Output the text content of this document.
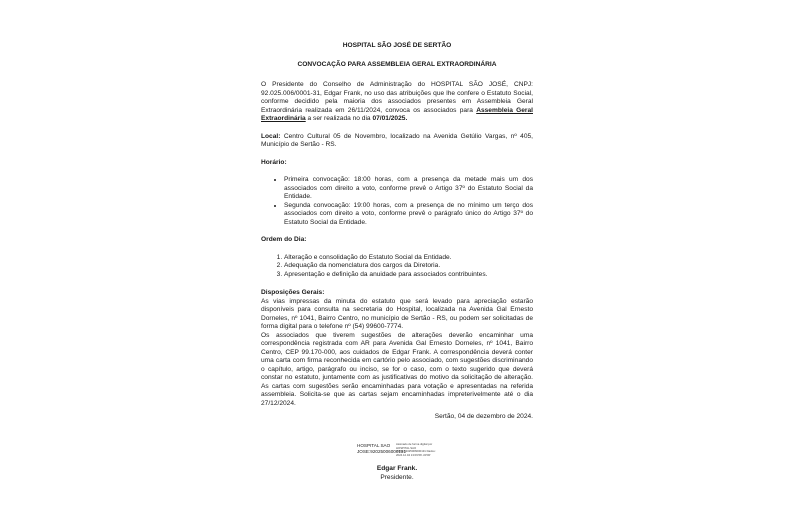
HOSPITAL SÃO JOSÉ DE SERTÃO

CONVOCAÇÃO PARA ASSEMBLEIA GERAL EXTRAORDINÁRIA

O Presidente do Conselho de Administração do HOSPITAL SÃO JOSÉ, CNPJ: 92.025.006/0001-31, Edgar Frank, no uso das atribuições que lhe confere o Estatuto Social, conforme decidido pela maioria dos associados presentes em Assembleia Geral Extraordinária realizada em 26/11/2024, convoca os associados para Assembleia Geral Extraordinária a ser realizada no dia 07/01/2025.

Local: Centro Cultural 05 de Novembro, localizado na Avenida Getúlio Vargas, nº 405, Município de Sertão - RS.

Horário:

• Primeira convocação: 18:00 horas, com a presença da metade mais um dos associados com direito a voto, conforme prevê o Artigo 37º do Estatuto Social da Entidade.
• Segunda convocação: 19:00 horas, com a presença de no mínimo um terço dos associados com direito a voto, conforme prevê o parágrafo único do Artigo 37º do Estatuto Social da Entidade.

Ordem do Dia:

1. Alteração e consolidação do Estatuto Social da Entidade.
2. Adequação da nomenclatura dos cargos da Diretoria.
3. Apresentação e definição da anuidade para associados contribuintes.

Disposições Gerais:

As vias impressas da minuta do estatuto que será levado para apreciação estarão disponíveis para consulta na secretaria do Hospital, localizada na Avenida Gal Ernesto Dorneles, nº 1041, Bairro Centro, no município de Sertão - RS, ou podem ser solicitadas de forma digital para o telefone nº (54) 99600-7774.

Os associados que tiverem sugestões de alterações deverão encaminhar uma correspondência registrada com AR para Avenida Gal Ernesto Dorneles, nº 1041, Bairro Centro, CEP 99.170-000, aos cuidados de Edgar Frank. A correspondência deverá conter uma carta com firma reconhecida em cartório pelo associado, com sugestões discriminando o capítulo, artigo, parágrafo ou inciso, se for o caso, com o texto sugerido que deverá constar no estatuto, juntamente com as justificativas do motivo da solicitação de alteração. As cartas com sugestões serão encaminhadas para votação e apresentadas na referida assembleia. Solicita-se que as cartas sejam encaminhadas impreterivelmente até o dia 27/12/2024.

Sertão, 04 de dezembro de 2024.

HOSPITAL SAO JOSE:92025006000131
Assinado de forma digital por HOSPITAL SAO JOSE:92025006000131 Dados: 2024.12.04 13:09:58 -03'00'
Edgar Frank.
Presidente.
